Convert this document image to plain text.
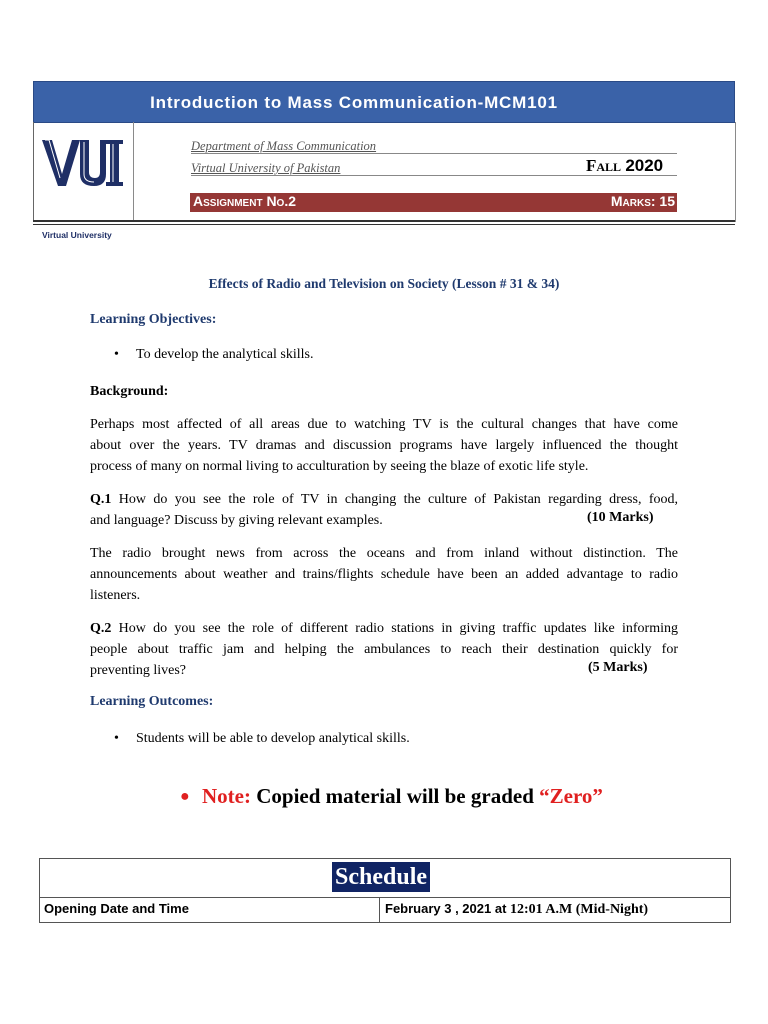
Introduction to Mass Communication-MCM101
Virtual University
Department of Mass Communication
Virtual University of Pakistan	Fall 2020
Assignment No.2	Marks: 15
Effects of Radio and Television on Society (Lesson # 31 & 34)
Learning Objectives:
• To develop the analytical skills.
Background:
Perhaps most affected of all areas due to watching TV is the cultural changes that have come
about over the years. TV dramas and discussion programs have largely influenced the thought
process of many on normal living to acculturation by seeing the blaze of exotic life style.
Q.1 How do you see the role of TV in changing the culture of Pakistan regarding dress, food,
and language? Discuss by giving relevant examples.	(10 Marks)
The radio brought news from across the oceans and from inland without distinction. The
announcements about weather and trains/flights schedule have been an added advantage to radio
listeners.
Q.2 How do you see the role of different radio stations in giving traffic updates like informing
people about traffic jam and helping the ambulances to reach their destination quickly for
preventing lives?	(5 Marks)
Learning Outcomes:
• Students will be able to develop analytical skills.
● Note: Copied material will be graded “Zero”
Schedule
Opening Date and Time	February 3 , 2021 at 12:01 A.M (Mid-Night)
